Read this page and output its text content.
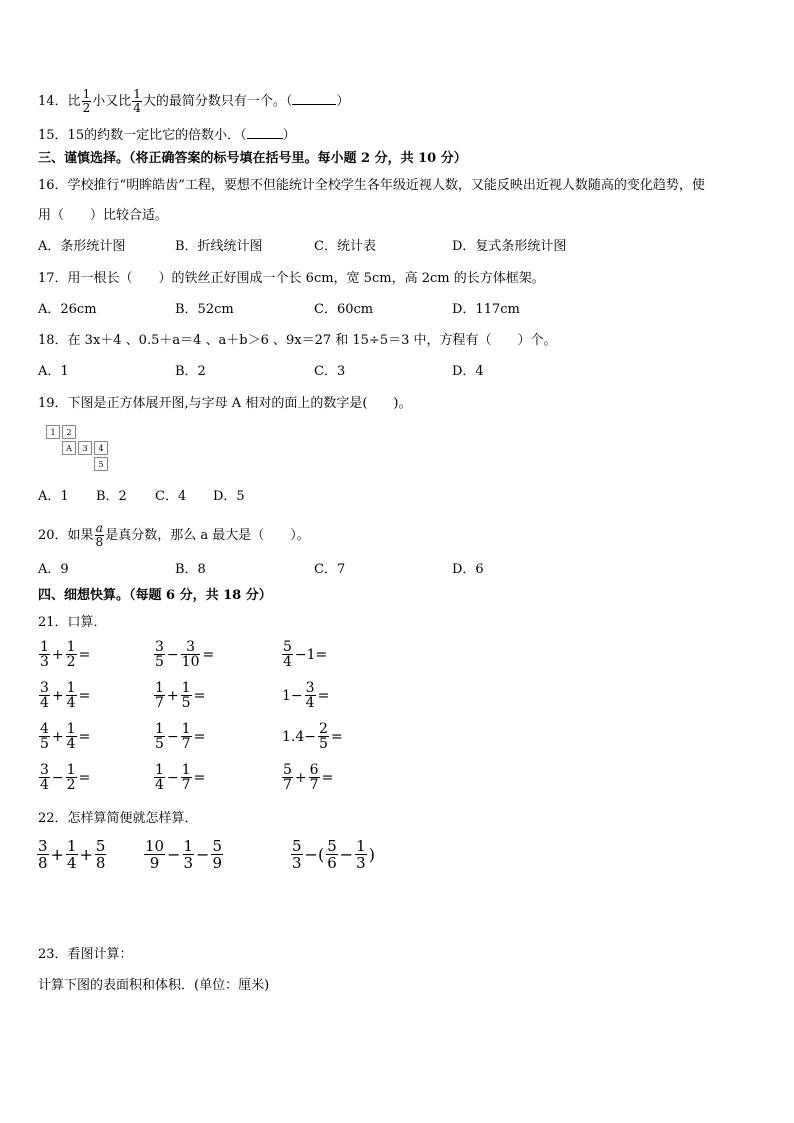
14．比 $\frac{1}{2}$ 小又比 $\frac{1}{4}$ 大的最简分数只有一个。（	）
15．15的约数一定比它的倍数小．（	）
三、谨慎选择。（将正确答案的标号填在括号里。每小题 2 分，共 10 分）
16．学校推行“明眸皓齿”工程，要想不但能统计全校学生各年级近视人数，又能反映出近视人数随高的变化趋势，使
用（　　）比较合适。
A．条形统计图	B．折线统计图	C．统计表	D．复式条形统计图
17．用一根长（　　）的铁丝正好围成一个长 6cm，宽 5cm，高 2cm 的长方体框架。
A．26cm	B．52cm	C．60cm	D．117cm
18．在 3x＋4 、0.5＋a＝4 、a＋b＞6 、9x＝27 和 15÷5＝3 中，方程有（　　）个。
A．1	B．2	C．3	D．4
19．下图是正方体展开图,与字母 A 相对的面上的数字是(　　)。
1	2
A	3	4
5
A．1 B．2 C．4 D．5
20．如果 $\frac{a}{8}$ 是真分数，那么 a 最大是（　　）。
A．9	B．8	C．7	D．6
四、细想快算。（每题 6 分，共 18 分）
21．口算．
$\frac{1}{3} + \frac{1}{2}$ =	$\frac{3}{5} - \frac{3}{10}$ =	$\frac{5}{4} -1=$
$\frac{3}{4} + \frac{1}{4}$ =	$\frac{1}{7} + \frac{1}{5}$ =	$1- \frac{3}{4}$ =
$\frac{4}{5} + \frac{1}{4}$ =	$\frac{1}{5} - \frac{1}{7}$ =	$1.4- \frac{2}{5}$ =
$\frac{3}{4} - \frac{1}{2}$ =	$\frac{1}{4} - \frac{1}{7}$ =	$\frac{5}{7} + \frac{6}{7}$ =
22．怎样算简便就怎样算．
$\frac{3}{8} + \frac{1}{4} + \frac{5}{8}$	$\frac{10}{9} - \frac{1}{3} - \frac{5}{9}$	$\frac{5}{3}$ −( $\frac{5}{6} - \frac{1}{3}$ )
23．看图计算：
计算下图的表面积和体积．(单位：厘米)
